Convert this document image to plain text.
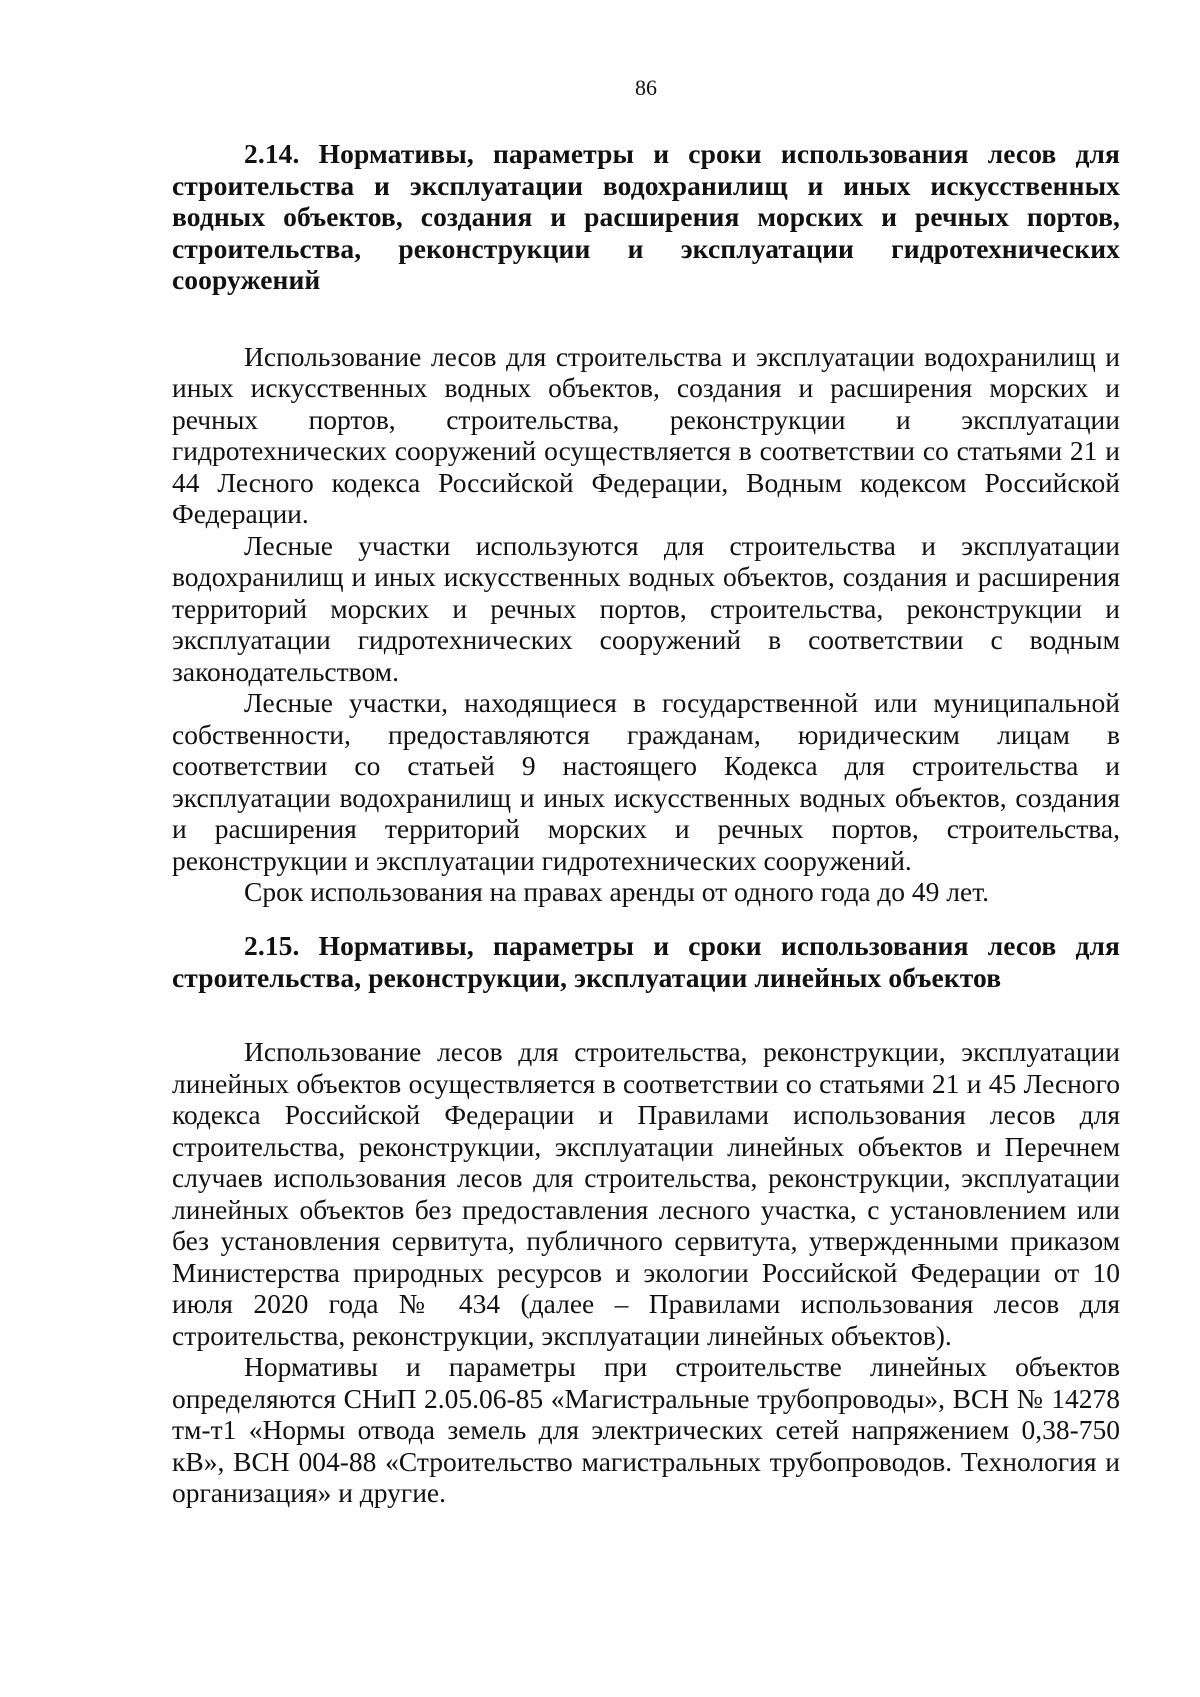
86

2.14. Нормативы, параметры и сроки использования лесов для строительства и эксплуатации водохранилищ и иных искусственных водных объектов, создания и расширения морских и речных портов, строительства, реконструкции и эксплуатации гидротехнических сооружений

Использование лесов для строительства и эксплуатации водохранилищ и иных искусственных водных объектов, создания и расширения морских и речных портов, строительства, реконструкции и эксплуатации гидротехнических сооружений осуществляется в соответствии со статьями 21 и 44 Лесного кодекса Российской Федерации, Водным кодексом Российской Федерации.

Лесные участки используются для строительства и эксплуатации водохранилищ и иных искусственных водных объектов, создания и расширения территорий морских и речных портов, строительства, реконструкции и эксплуатации гидротехнических сооружений в соответствии с водным законодательством.

Лесные участки, находящиеся в государственной или муниципальной собственности, предоставляются гражданам, юридическим лицам в соответствии со статьей 9 настоящего Кодекса для строительства и эксплуатации водохранилищ и иных искусственных водных объектов, создания и расширения территорий морских и речных портов, строительства, реконструкции и эксплуатации гидротехнических сооружений.

Срок использования на правах аренды от одного года до 49 лет.

2.15. Нормативы, параметры и сроки использования лесов для строительства, реконструкции, эксплуатации линейных объектов

Использование лесов для строительства, реконструкции, эксплуатации линейных объектов осуществляется в соответствии со статьями 21 и 45 Лесного кодекса Российской Федерации и Правилами использования лесов для строительства, реконструкции, эксплуатации линейных объектов и Перечнем случаев использования лесов для строительства, реконструкции, эксплуатации линейных объектов без предоставления лесного участка, с установлением или без установления сервитута, публичного сервитута, утвержденными приказом Министерства природных ресурсов и экологии Российской Федерации от 10 июля 2020 года № 434 (далее – Правилами использования лесов для строительства, реконструкции, эксплуатации линейных объектов).

Нормативы и параметры при строительстве линейных объектов определяются СНиП 2.05.06-85 «Магистральные трубопроводы», ВСН № 14278 тм-т1 «Нормы отвода земель для электрических сетей напряжением 0,38-750 кВ», ВСН 004-88 «Строительство магистральных трубопроводов. Технология и организация» и другие.
